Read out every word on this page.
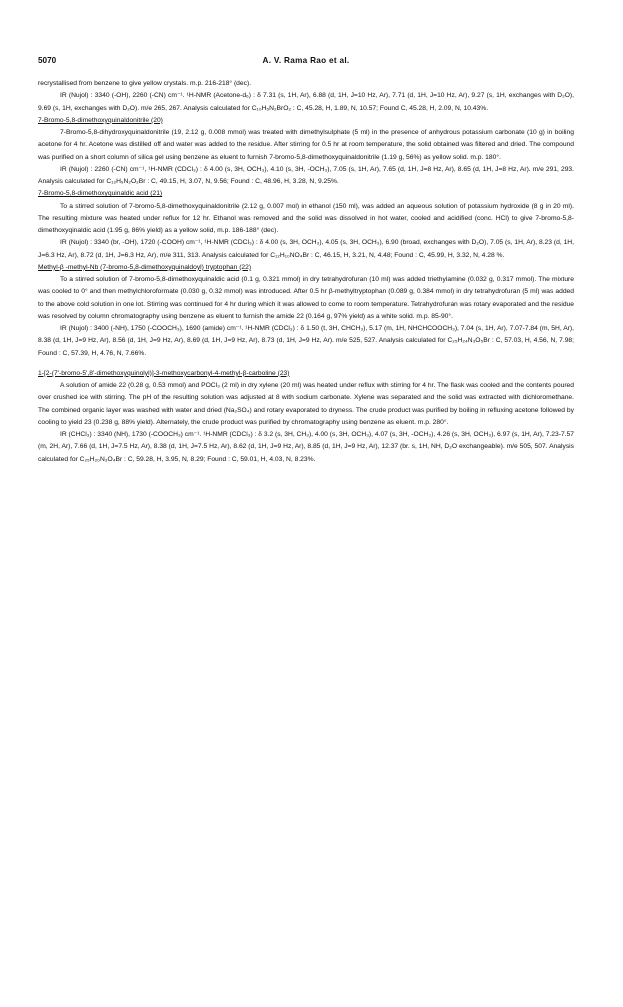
5070	A. V. Rama Rao et al.

recrystallised from benzene to give yellow crystals. m.p. 216-218° (dec).

IR (Nujol) : 3340 (-OH), 2260 (-CN) cm⁻¹. ¹H-NMR (Acetone-d₆) : δ 7.31 (s, 1H, Ar), 6.88 (d, 1H, J=10 Hz, Ar), 7.71 (d, 1H, J=10 Hz, Ar), 9.27 (s, 1H, exchanges with D₂O), 9.69 (s, 1H, exchanges with D₂O). m/e 265, 267. Analysis calculated for C₁₀H₅N₂BrO₂ : C, 45.28, H, 1.89, N, 10.57; Found C, 45.28, H, 2.09, N, 10.43%.

7-Bromo-5,8-dimethoxyquinaldonitrile (20)

7-Bromo-5,8-dihydroxyquinaldonitrile (19, 2.12 g, 0.008 mmol) was treated with dimethylsulphate (5 ml) in the presence of anhydrous potassium carbonate (10 g) in boiling acetone for 4 hr. Acetone was distilled off and water was added to the residue. After stirring for 0.5 hr at room temperature, the solid obtained was filtered and dried. The compound was purified on a short column of silica gel using benzene as eluent to furnish 7-bromo-5,8-dimethoxyquinaldonitrile (1.19 g, 56%) as yellow solid. m.p. 180°.

IR (Nujol) : 2260 (-CN) cm⁻¹, ¹H-NMR (CDCl₃) : δ 4.00 (s, 3H, OCH₃), 4.10 (s, 3H, -OCH₃), 7.05 (s, 1H, Ar), 7.65 (d, 1H, J=8 Hz, Ar), 8.65 (d, 1H, J=8 Hz, Ar). m/e 291, 293. Analysis calculated for C₁₂H₉N₂O₂Br : C, 49.15, H, 3.07, N, 9.56; Found : C, 48.96, H, 3.28, N, 9.25%.

7-Bromo-5,8-dimethoxyquinaldic acid (21)

To a stirred solution of 7-bromo-5,8-dimethoxyquinaldonitrile (2.12 g, 0.007 mol) in ethanol (150 ml), was added an aqueous solution of potassium hydroxide (8 g in 20 ml). The resulting mixture was heated under reflux for 12 hr. Ethanol was removed and the solid was dissolved in hot water, cooled and acidified (conc. HCl) to give 7-bromo-5,8-dimethoxyqinaldic acid (1.95 g, 86% yield) as a yellow solid, m.p. 186-188° (dec).

IR (Nujol) : 3340 (br, -OH), 1720 (-COOH) cm⁻¹, ¹H-NMR (CDCl₃) : δ 4.00 (s, 3H, OCH₃), 4.05 (s, 3H, OCH₃), 6.90 (broad, exchanges with D₂O), 7.05 (s, 1H, Ar), 8.23 (d, 1H, J=6.3 Hz, Ar), 8.72 (d, 1H, J=6.3 Hz, Ar), m/e 311, 313. Analysis calculated for C₁₂H₁₀NO₄Br : C, 46.15, H, 3.21, N, 4.48; Found : C, 45.99, H, 3.32, N, 4.28 %.

Methyl-β -methyl-Nb (7-bromo-5,8-dimethoxyquinaldoyl) tryptophan (22)

To a stirred solution of 7-bromo-5,8-dimethoxyquinaldic acid (0.1 g, 0.321 mmol) in dry tetrahydrofuran (10 ml) was added triethylamine (0.032 g, 0.317 mmol). The mixture was cooled to 0° and then methylchloroformate (0.030 g, 0.32 mmol) was introduced. After 0.5 hr β-methyltryptophan (0.089 g, 0.384 mmol) in dry tetrahydrofuran (5 ml) was added to the above cold solution in one lot. Stirring was continued for 4 hr during which it was allowed to come to room temperature. Tetrahydrofuran was rotary evaporated and the residue was resolved by column chromatography using benzene as eluent to furnish the amide 22 (0.164 g, 97% yield) as a white solid. m.p. 85-90°.

IR (Nujol) : 3400 (-NH), 1750 (-COOCH₃), 1690 (amide) cm⁻¹. ¹H-NMR (CDCl₃) : δ 1.50 (t, 3H, CHCH₃), 5.17 (m, 1H, NHCHCOOCH₃), 7.04 (s, 1H, Ar), 7.07-7.84 (m, 5H, Ar), 8.38 (d, 1H, J=9 Hz, Ar), 8.56 (d, 1H, J=9 Hz, Ar), 8.69 (d, 1H, J=9 Hz, Ar), 8.73 (d, 1H, J=9 Hz, Ar). m/e 525, 527. Analysis calculated for C₂₅H₂₄N₃O₅Br : C, 57.03, H, 4.56, N, 7.98; Found : C, 57.39, H, 4.76, N, 7.66%.

1-[2-(7'-bromo-5',8'-dimethoxyquinolyl)]-3-methoxycarbonyl-4-methyl-β-carboline (23)

A solution of amide 22 (0.28 g, 0.53 mmol) and POCl₃ (2 ml) in dry xylene (20 ml) was heated under reflux with stirring for 4 hr. The flask was cooled and the contents poured over crushed ice with stirring. The pH of the resulting solution was adjusted at 8 with sodium carbonate. Xylene was separated and the solid was extracted with dichloromethane. The combined organic layer was washed with water and dried (Na₂SO₄) and rotary evaporated to dryness. The crude product was purified by boiling in refluxing acetone followed by cooling to yield 23 (0.238 g, 88% yield). Alternately, the crude product was purified by chromatography using benzene as eluent. m.p. 280°.

IR (CHCl₃) : 3340 (NH), 1730 (-COOCH₃) cm⁻¹. ¹H-NMR (CDCl₃) : δ 3.2 (s, 3H, CH₃), 4.00 (s, 3H, OCH₃), 4.07 (s, 3H, -OCH₃), 4.26 (s, 3H, OCH₃), 6.97 (s, 1H, Ar), 7.23-7.57 (m, 2H, Ar), 7.66 (d, 1H, J=7.5 Hz, Ar), 8.38 (d, 1H, J=7.5 Hz, Ar), 8.62 (d, 1H, J=9 Hz, Ar), 8.85 (d, 1H, J=9 Hz, Ar), 12.37 (br. s, 1H, NH, D₂O exchangeable). m/e 505, 507. Analysis calculated for C₂₅H₂₀N₃O₄Br : C, 59.28, H, 3.95, N, 8.29; Found : C, 59.01, H, 4.03, N, 8.23%.
